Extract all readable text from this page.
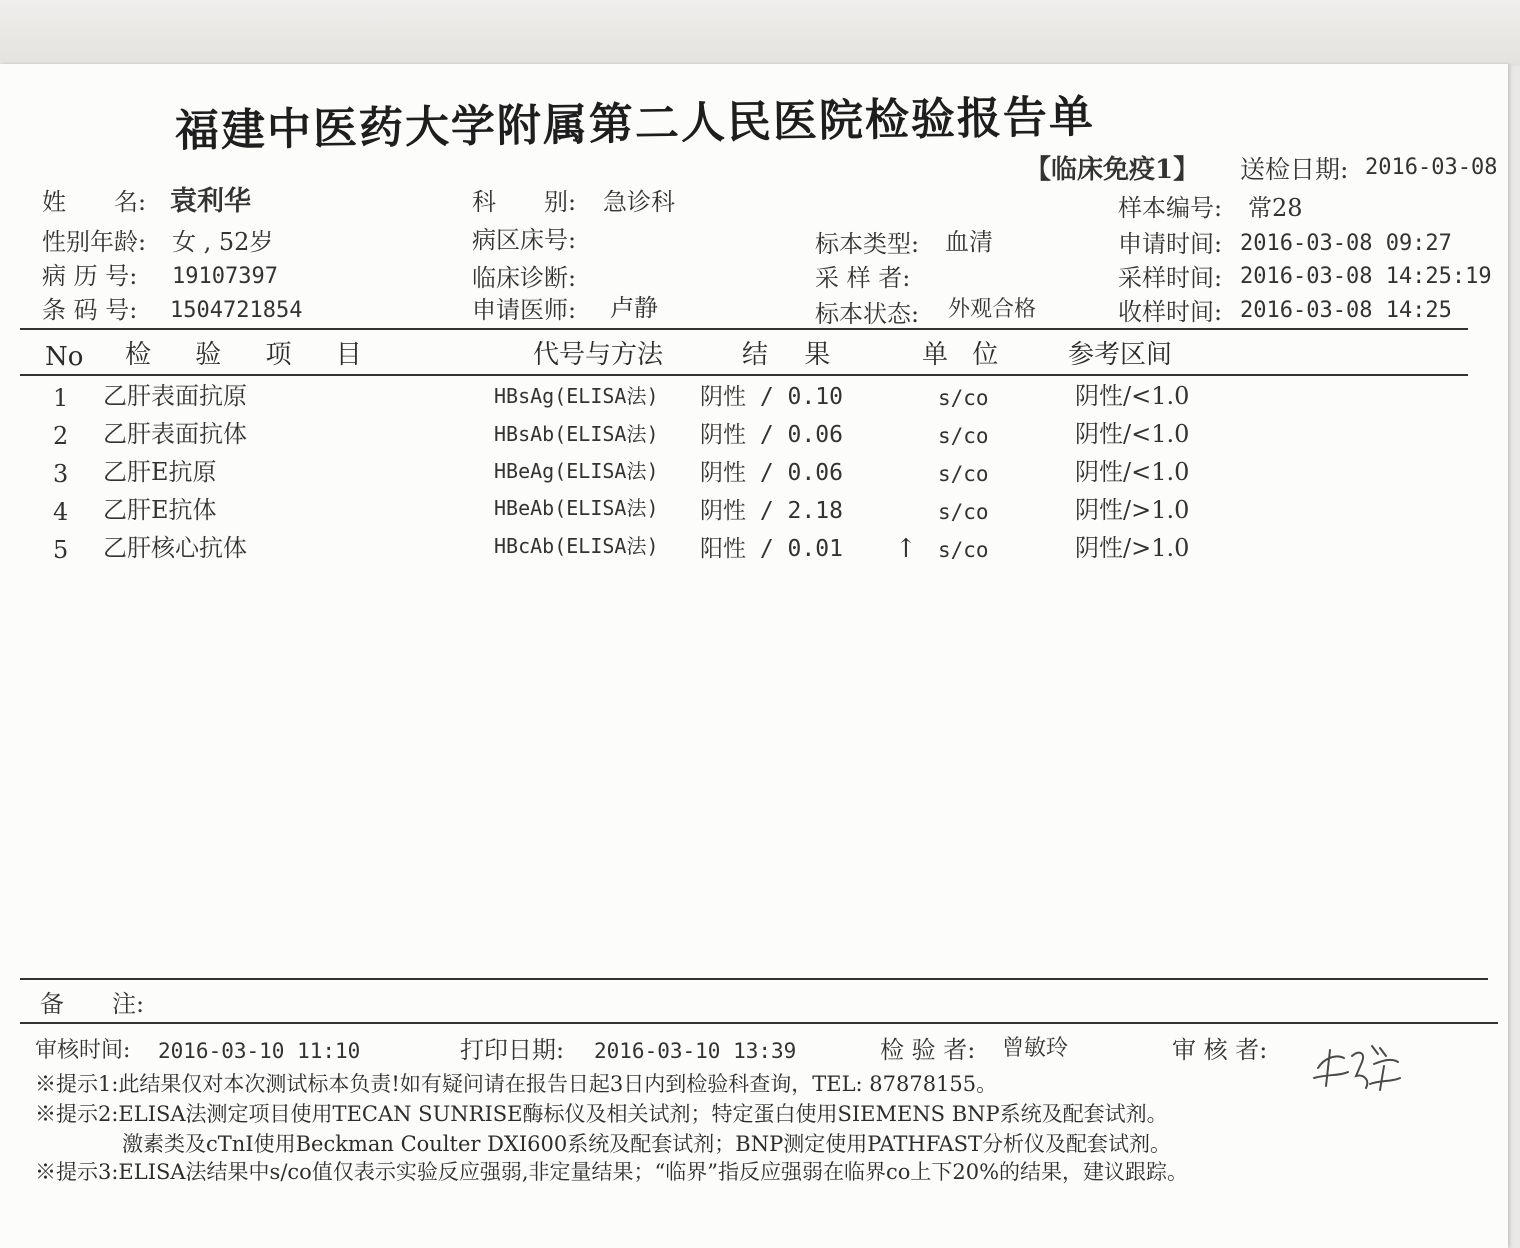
福建中医药大学附属第二人民医院检验报告单
【临床免疫1】 送检日期: 2016-03-08
姓　　名: 袁利华
性别年龄: 女 , 52岁
病 历 号: 19107397
条 码 号: 1504721854
科　　别: 急诊科
病区床号:
临床诊断:
申请医师: 卢静
标本类型: 血清
采 样 者:
标本状态: 外观合格
样本编号: 常28
申请时间: 2016-03-08 09:27
采样时间: 2016-03-08 14:25:19
收样时间: 2016-03-08 14:25
No 检 验 项 目	代号与方法	结 果	单 位 参考区间
1 乙肝表面抗原	HBsAg(ELISA法) 阴性 / 0.10	s/co	阴性/<1.0
2 乙肝表面抗体	HBsAb(ELISA法) 阴性 / 0.06	s/co	阴性/<1.0
3 乙肝E抗原	HBeAg(ELISA法) 阴性 / 0.06	s/co	阴性/<1.0
4 乙肝E抗体	HBeAb(ELISA法) 阴性 / 2.18	s/co	阴性/>1.0
5 乙肝核心抗体	HBcAb(ELISA法) 阳性 / 0.01 ↑ s/co	阴性/>1.0
备　　注:
审核时间: 2016-03-10 11:10	打印日期: 2016-03-10 13:39	检 验 者: 曾敏玲	审 核 者:
※提示1:此结果仅对本次测试标本负责!如有疑问请在报告日起3日内到检验科查询，TEL: 87878155。
※提示2:ELISA法测定项目使用TECAN SUNRISE酶标仪及相关试剂；特定蛋白使用SIEMENS BNP系统及配套试剂。
激素类及cTnI使用Beckman Coulter DXI600系统及配套试剂；BNP测定使用PATHFAST分析仪及配套试剂。
※提示3:ELISA法结果中s/co值仅表示实验反应强弱,非定量结果；“临界”指反应强弱在临界co上下20%的结果，建议跟踪。
